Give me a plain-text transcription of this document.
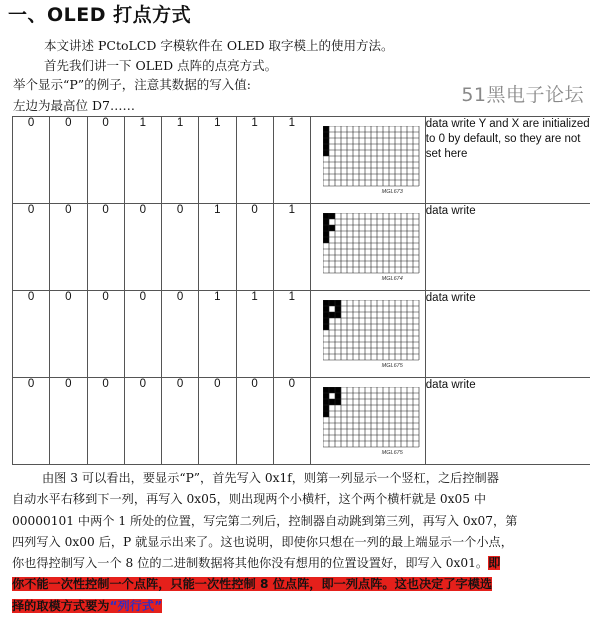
一、OLED 打点方式
本文讲述 PCtoLCD 字模软件在 OLED 取字模上的使用方法。
首先我们讲一下 OLED 点阵的点亮方式。
举个显示“P”的例子，注意其数据的写入值:
左边为最高位 D7……	51黑电子论坛
0	0	0	1	1	1	1	1	MGL673	data write Y and X are initialized to 0 by default, so they are not set here
0	0	0	0	0	1	0	1	MGL674	data write
0	0	0	0	0	1	1	1	MGL675	data write
0	0	0	0	0	0	0	0	MGL675	data write
由图 3 可以看出，要显示“P”，首先写入 0x1f，则第一列显示一个竖杠，之后控制器
自动水平右移到下一列，再写入 0x05，则出现两个小横杆，这个两个横杆就是 0x05 中
00000101 中两个 1 所处的位置，写完第二列后，控制器自动跳到第三列，再写入 0x07，第
四列写入 0x00 后，P 就显示出来了。这也说明，即使你只想在一列的最上端显示一个小点，
你也得控制写入一个 8 位的二进制数据将其他你没有想用的位置设置好，即写入 0x01。即
你不能一次性控制一个点阵，只能一次性控制 8 位点阵，即一列点阵。这也决定了字模选
择的取模方式要为“列行式”
